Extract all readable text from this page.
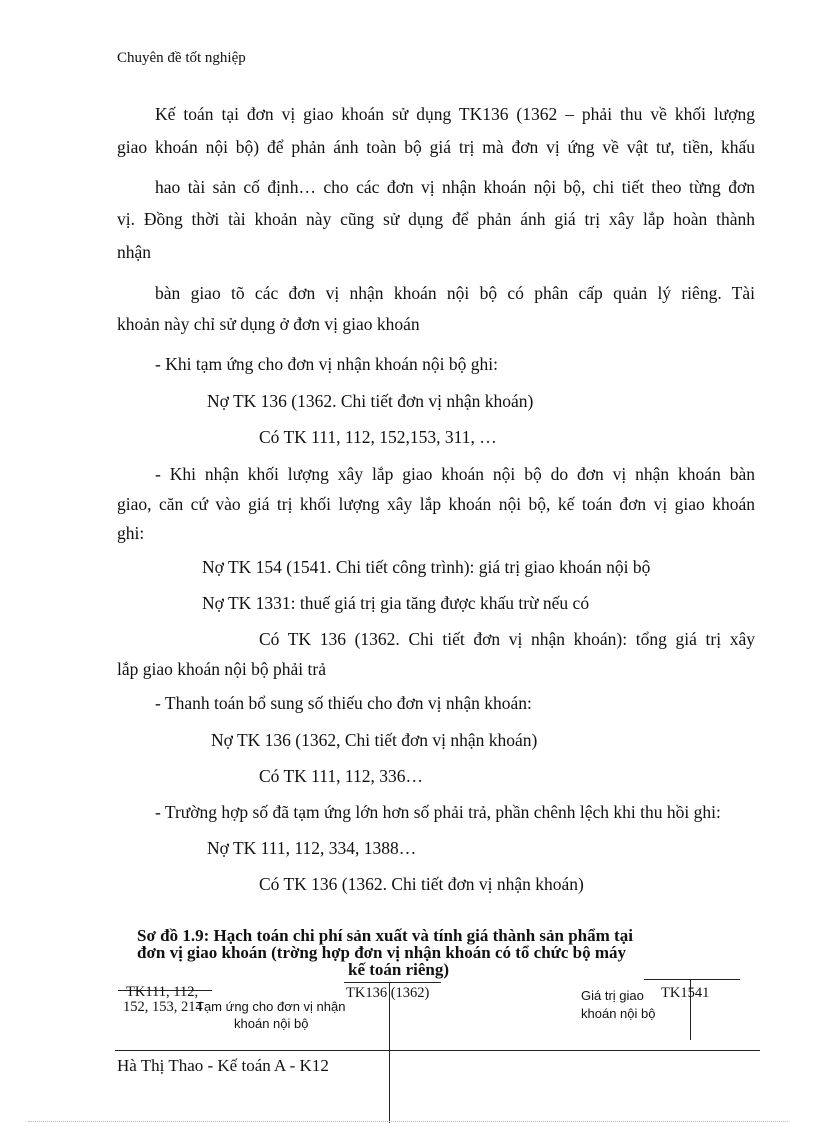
Chuyên đề tốt nghiệp
Kế toán tại đơn vị giao khoán sử dụng TK136 (1362 – phải thu về khối lượng
giao khoán nội bộ) để phản ánh toàn bộ giá trị mà đơn vị ứng về vật tư, tiền, khấu
hao tài sản cố định… cho các đơn vị nhận khoán nội bộ, chi tiết theo từng đơn
vị. Đồng thời tài khoản này cũng sử dụng để phản ánh giá trị xây lắp hoàn thành
nhận
bàn giao tõ các đơn vị nhận khoán nội bộ có phân cấp quản lý riêng. Tài
khoản này chỉ sử dụng ở đơn vị giao khoán
- Khi tạm ứng cho đơn vị nhận khoán nội bộ ghi:
Nợ TK 136 (1362. Chi tiết đơn vị nhận khoán)
Có TK 111, 112, 152,153, 311, …
- Khi nhận khối lượng xây lắp giao khoán nội bộ do đơn vị nhận khoán bàn
giao, căn cứ vào giá trị khối lượng xây lắp khoán nội bộ, kế toán đơn vị giao khoán
ghi:
Nợ TK 154 (1541. Chi tiết công trình): giá trị giao khoán nội bộ
Nợ TK 1331: thuế giá trị gia tăng được khấu trừ nếu có
Có TK 136 (1362. Chi tiết đơn vị nhận khoán): tổng giá trị xây
lắp giao khoán nội bộ phải trả
- Thanh toán bổ sung số thiếu cho đơn vị nhận khoán:
Nợ TK 136 (1362, Chi tiết đơn vị nhận khoán)
Có TK 111, 112, 336…
- Trường hợp số đã tạm ứng lớn hơn số phải trả, phần chênh lệch khi thu hồi ghi:
Nợ TK 111, 112, 334, 1388…
Có TK 136 (1362. Chi tiết đơn vị nhận khoán)
Sơ đồ 1.9: Hạch toán chi phí sản xuất và tính giá thành sản phẩm tại
đơn vị giao khoán (trờng hợp đơn vị nhận khoán có tổ chức bộ máy
kế toán riêng)
TK111, 112,
152, 153, 214
TK136 (1362)	TK1541
Tạm ứng cho đơn vị nhận
khoán nội bộ
Giá trị giao
khoán nội bộ
Hà Thị Thao - Kế toán A - K12
